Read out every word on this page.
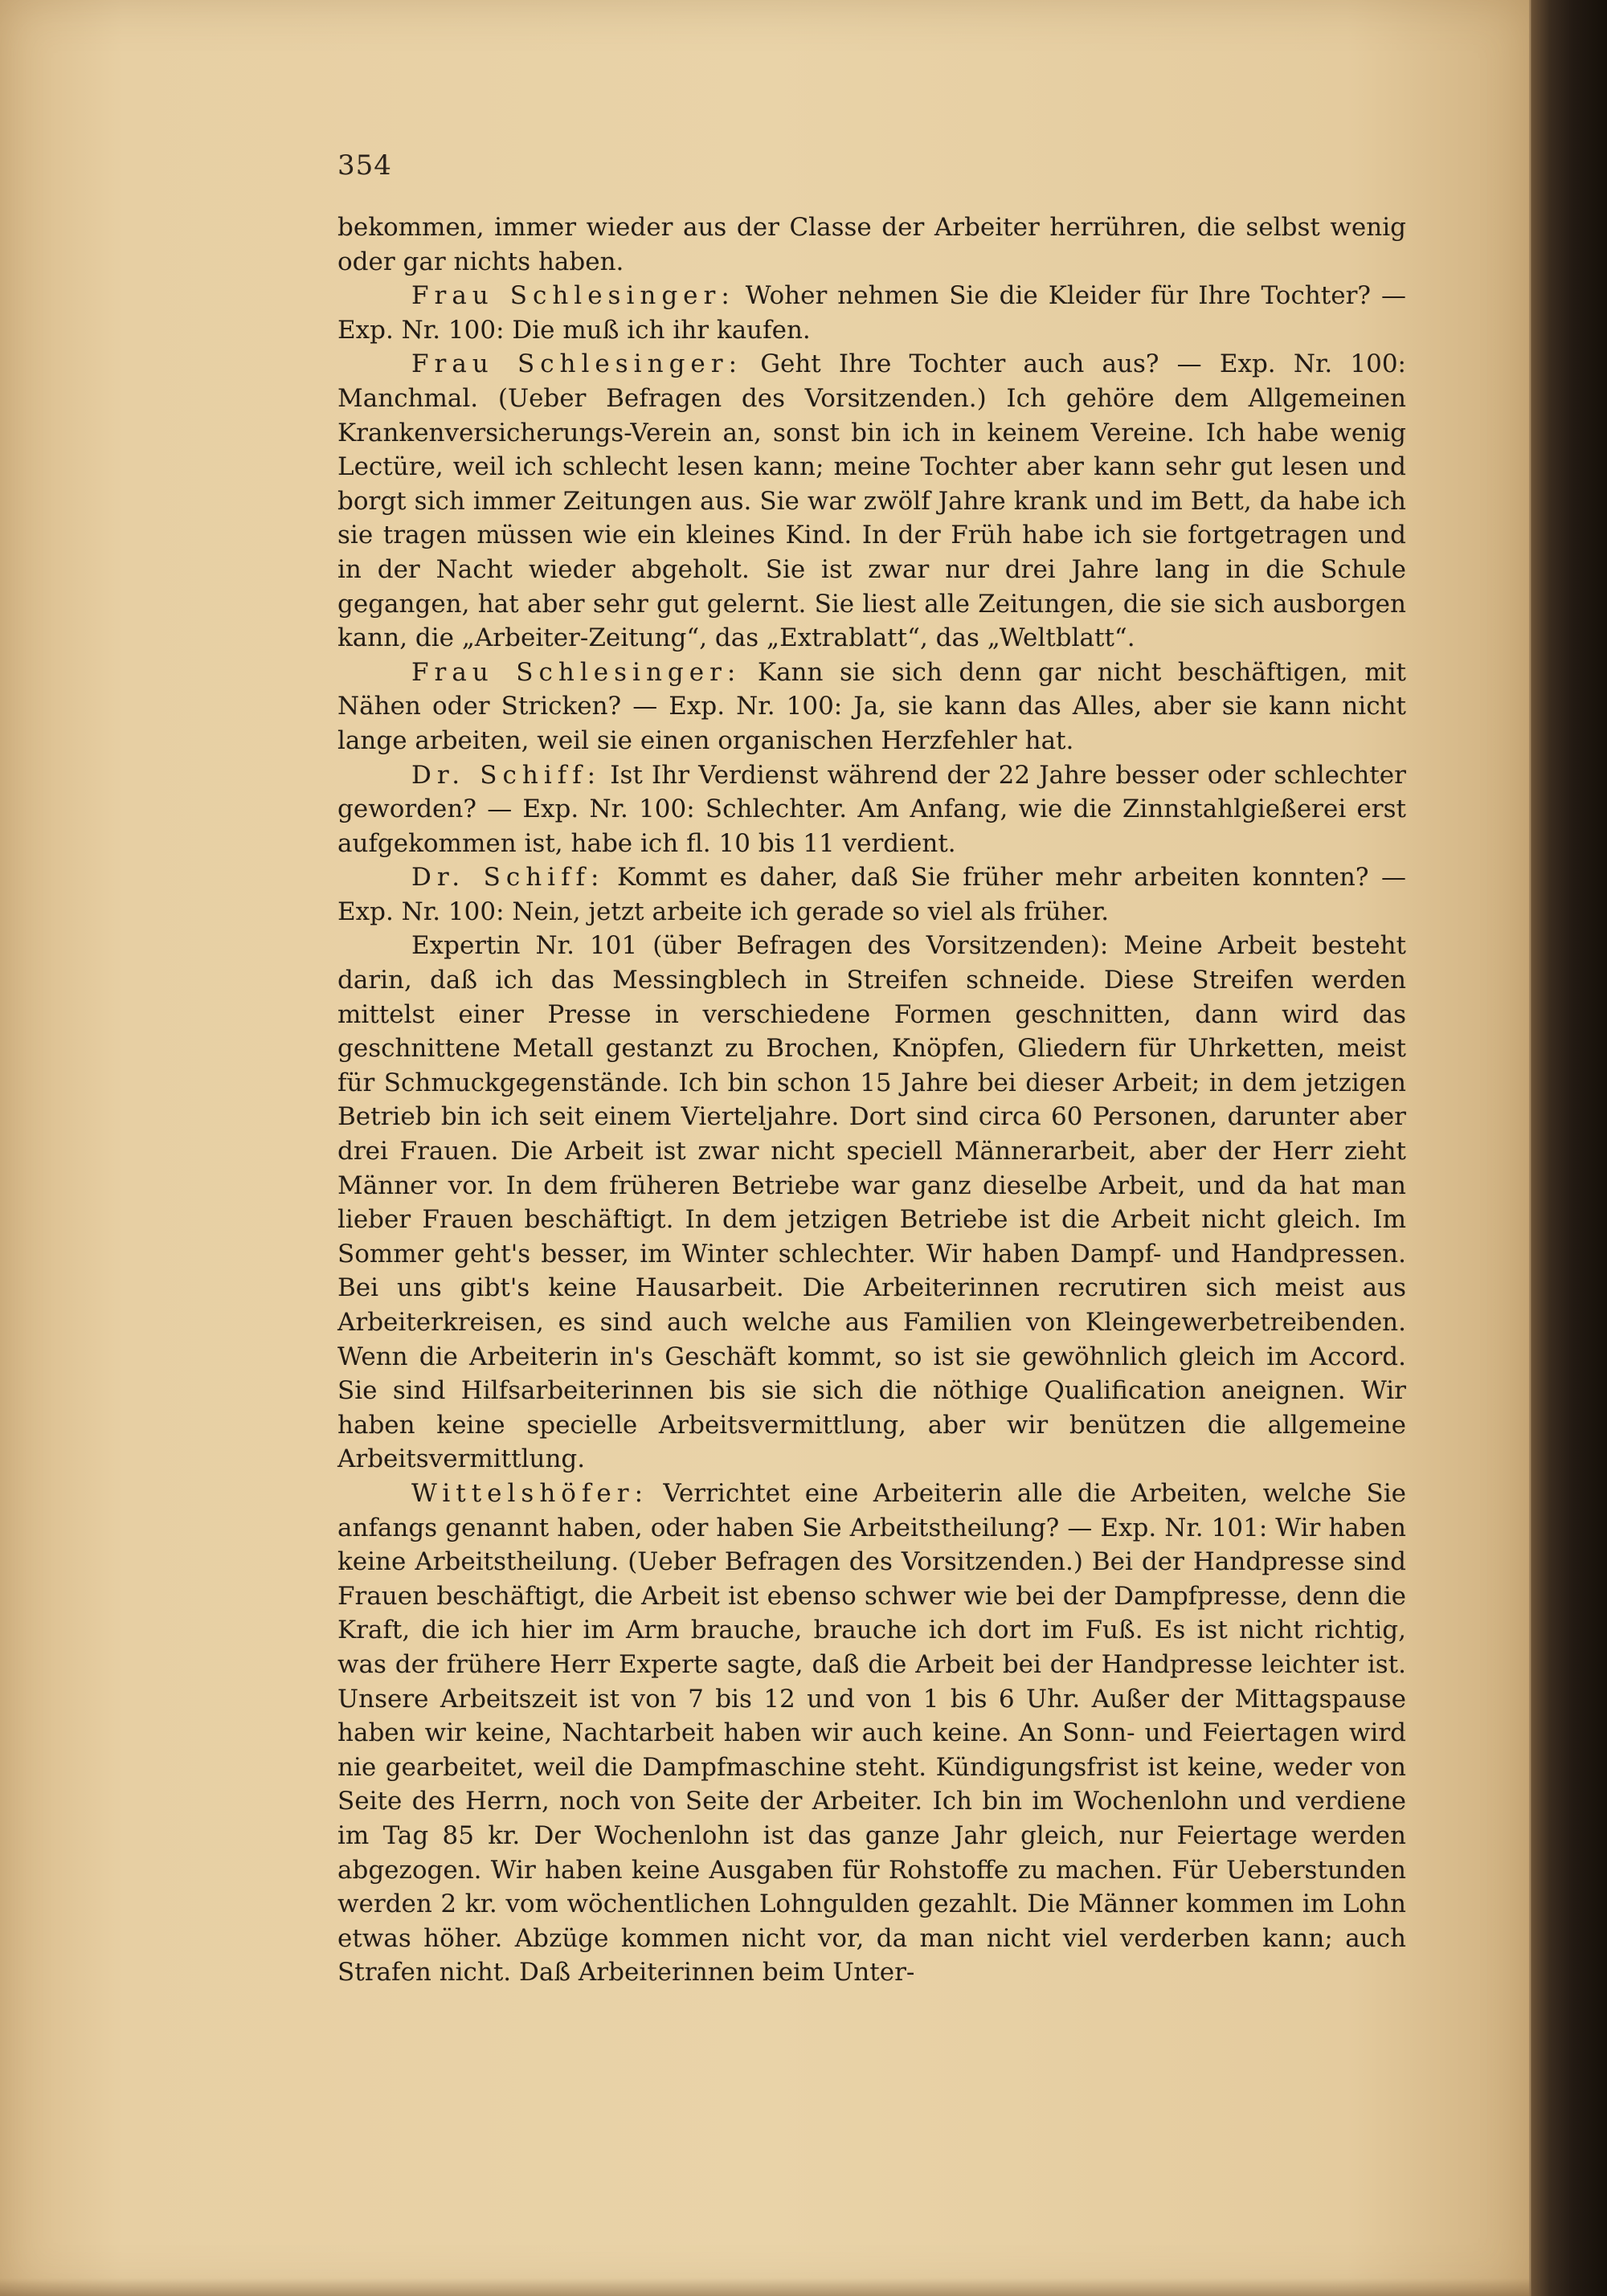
354

bekommen, immer wieder aus der Classe der Arbeiter herrühren, die selbst wenig oder gar nichts haben.

Frau Schlesinger: Woher nehmen Sie die Kleider für Ihre Tochter? — Exp. Nr. 100: Die muß ich ihr kaufen.

Frau Schlesinger: Geht Ihre Tochter auch aus? — Exp. Nr. 100: Manchmal. (Ueber Befragen des Vorsitzenden.) Ich gehöre dem Allgemeinen Krankenversicherungs-Verein an, sonst bin ich in keinem Vereine. Ich habe wenig Lectüre, weil ich schlecht lesen kann; meine Tochter aber kann sehr gut lesen und borgt sich immer Zeitungen aus. Sie war zwölf Jahre krank und im Bett, da habe ich sie tragen müssen wie ein kleines Kind. In der Früh habe ich sie fortgetragen und in der Nacht wieder abgeholt. Sie ist zwar nur drei Jahre lang in die Schule gegangen, hat aber sehr gut gelernt. Sie liest alle Zeitungen, die sie sich ausborgen kann, die „Arbeiter-Zeitung“, das „Extrablatt“, das „Weltblatt“.

Frau Schlesinger: Kann sie sich denn gar nicht beschäftigen, mit Nähen oder Stricken? — Exp. Nr. 100: Ja, sie kann das Alles, aber sie kann nicht lange arbeiten, weil sie einen organischen Herzfehler hat.

Dr. Schiff: Ist Ihr Verdienst während der 22 Jahre besser oder schlechter geworden? — Exp. Nr. 100: Schlechter. Am Anfang, wie die Zinnstahlgießerei erst aufgekommen ist, habe ich fl. 10 bis 11 verdient.

Dr. Schiff: Kommt es daher, daß Sie früher mehr arbeiten konnten? — Exp. Nr. 100: Nein, jetzt arbeite ich gerade so viel als früher.

Expertin Nr. 101 (über Befragen des Vorsitzenden): Meine Arbeit besteht darin, daß ich das Messingblech in Streifen schneide. Diese Streifen werden mittelst einer Presse in verschiedene Formen geschnitten, dann wird das geschnittene Metall gestanzt zu Brochen, Knöpfen, Gliedern für Uhrketten, meist für Schmuckgegenstände. Ich bin schon 15 Jahre bei dieser Arbeit; in dem jetzigen Betrieb bin ich seit einem Vierteljahre. Dort sind circa 60 Personen, darunter aber drei Frauen. Die Arbeit ist zwar nicht speciell Männerarbeit, aber der Herr zieht Männer vor. In dem früheren Betriebe war ganz dieselbe Arbeit, und da hat man lieber Frauen beschäftigt. In dem jetzigen Betriebe ist die Arbeit nicht gleich. Im Sommer geht's besser, im Winter schlechter. Wir haben Dampf- und Handpressen. Bei uns gibt's keine Hausarbeit. Die Arbeiterinnen recrutiren sich meist aus Arbeiterkreisen, es sind auch welche aus Familien von Kleingewerbetreibenden. Wenn die Arbeiterin in's Geschäft kommt, so ist sie gewöhnlich gleich im Accord. Sie sind Hilfsarbeiterinnen bis sie sich die nöthige Qualification aneignen. Wir haben keine specielle Arbeitsvermittlung, aber wir benützen die allgemeine Arbeitsvermittlung.

Wittelshöfer: Verrichtet eine Arbeiterin alle die Arbeiten, welche Sie anfangs genannt haben, oder haben Sie Arbeitstheilung? — Exp. Nr. 101: Wir haben keine Arbeitstheilung. (Ueber Befragen des Vorsitzenden.) Bei der Handpresse sind Frauen beschäftigt, die Arbeit ist ebenso schwer wie bei der Dampfpresse, denn die Kraft, die ich hier im Arm brauche, brauche ich dort im Fuß. Es ist nicht richtig, was der frühere Herr Experte sagte, daß die Arbeit bei der Handpresse leichter ist. Unsere Arbeitszeit ist von 7 bis 12 und von 1 bis 6 Uhr. Außer der Mittagspause haben wir keine, Nachtarbeit haben wir auch keine. An Sonn- und Feiertagen wird nie gearbeitet, weil die Dampfmaschine steht. Kündigungsfrist ist keine, weder von Seite des Herrn, noch von Seite der Arbeiter. Ich bin im Wochenlohn und verdiene im Tag 85 kr. Der Wochenlohn ist das ganze Jahr gleich, nur Feiertage werden abgezogen. Wir haben keine Ausgaben für Rohstoffe zu machen. Für Ueberstunden werden 2 kr. vom wöchentlichen Lohngulden gezahlt. Die Männer kommen im Lohn etwas höher. Abzüge kommen nicht vor, da man nicht viel verderben kann; auch Strafen nicht. Daß Arbeiterinnen beim Unter-
